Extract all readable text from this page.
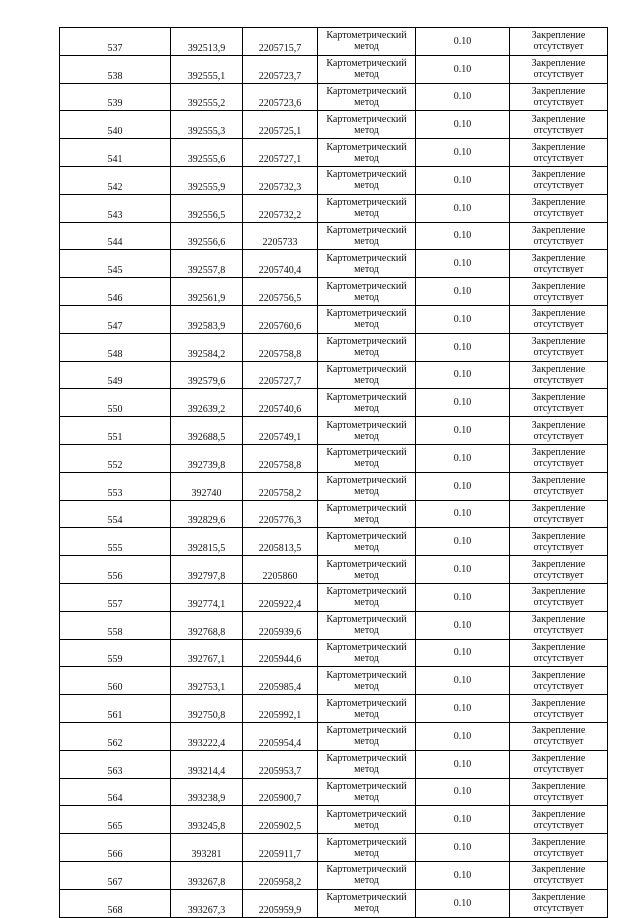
537	392513,9	2205715,7	Картометрический
метод	0.10	Закрепление
отсутствует

538	392555,1	2205723,7	Картометрический
метод	0.10	Закрепление
отсутствует

539	392555,2	2205723,6	Картометрический
метод	0.10	Закрепление
отсутствует

540	392555,3	2205725,1	Картометрический
метод	0.10	Закрепление
отсутствует

541	392555,6	2205727,1	Картометрический
метод	0.10	Закрепление
отсутствует

542	392555,9	2205732,3	Картометрический
метод	0.10	Закрепление
отсутствует

543	392556,5	2205732,2	Картометрический
метод	0.10	Закрепление
отсутствует

544	392556,6	2205733	Картометрический
метод	0.10	Закрепление
отсутствует

545	392557,8	2205740,4	Картометрический
метод	0.10	Закрепление
отсутствует

546	392561,9	2205756,5	Картометрический
метод	0.10	Закрепление
отсутствует

547	392583,9	2205760,6	Картометрический
метод	0.10	Закрепление
отсутствует

548	392584,2	2205758,8	Картометрический
метод	0.10	Закрепление
отсутствует

549	392579,6	2205727,7	Картометрический
метод	0.10	Закрепление
отсутствует

550	392639,2	2205740,6	Картометрический
метод	0.10	Закрепление
отсутствует

551	392688,5	2205749,1	Картометрический
метод	0.10	Закрепление
отсутствует

552	392739,8	2205758,8	Картометрический
метод	0.10	Закрепление
отсутствует

553	392740	2205758,2	Картометрический
метод	0.10	Закрепление
отсутствует

554	392829,6	2205776,3	Картометрический
метод	0.10	Закрепление
отсутствует

555	392815,5	2205813,5	Картометрический
метод	0.10	Закрепление
отсутствует

556	392797,8	2205860	Картометрический
метод	0.10	Закрепление
отсутствует

557	392774,1	2205922,4	Картометрический
метод	0.10	Закрепление
отсутствует

558	392768,8	2205939,6	Картометрический
метод	0.10	Закрепление
отсутствует

559	392767,1	2205944,6	Картометрический
метод	0.10	Закрепление
отсутствует

560	392753,1	2205985,4	Картометрический
метод	0.10	Закрепление
отсутствует

561	392750,8	2205992,1	Картометрический
метод	0.10	Закрепление
отсутствует

562	393222,4	2205954,4	Картометрический
метод	0.10	Закрепление
отсутствует

563	393214,4	2205953,7	Картометрический
метод	0.10	Закрепление
отсутствует

564	393238,9	2205900,7	Картометрический
метод	0.10	Закрепление
отсутствует

565	393245,8	2205902,5	Картометрический
метод	0.10	Закрепление
отсутствует

566	393281	2205911,7	Картометрический
метод	0.10	Закрепление
отсутствует

567	393267,8	2205958,2	Картометрический
метод	0.10	Закрепление
отсутствует

568	393267,3	2205959,9	Картометрический
метод	0.10	Закрепление
отсутствует
